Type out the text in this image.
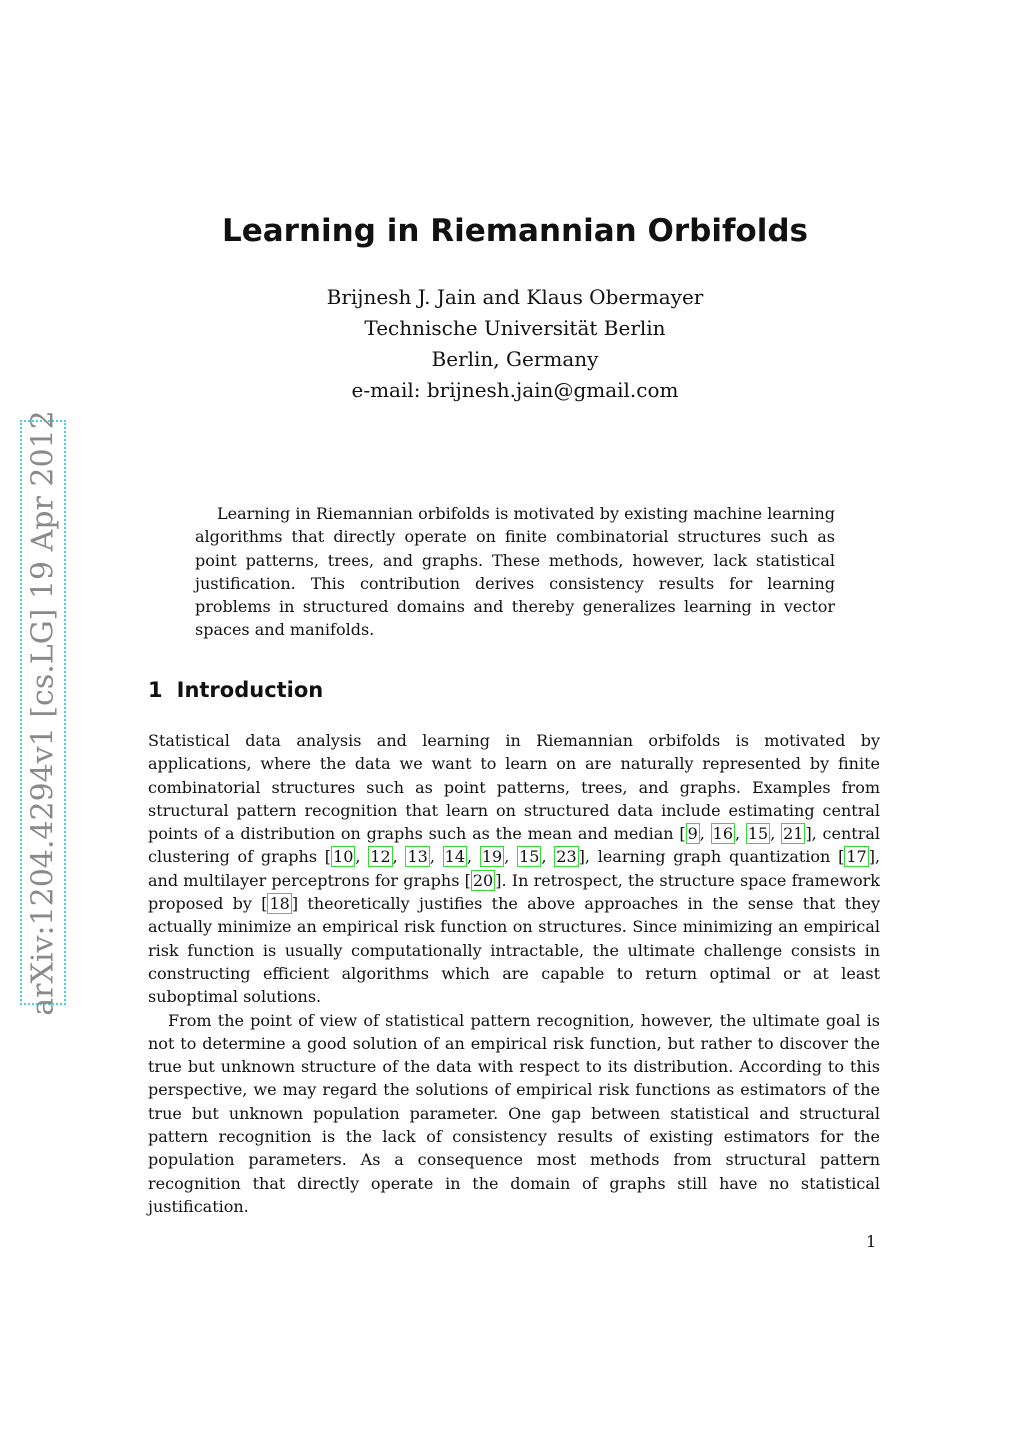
arXiv:1204.4294v1 [cs.LG] 19 Apr 2012
Learning in Riemannian Orbifolds
Brijnesh J. Jain and Klaus Obermayer
Technische Universität Berlin
Berlin, Germany
e-mail: brijnesh.jain@gmail.com

Learning in Riemannian orbifolds is motivated by existing machine learning algorithms that directly operate on finite combinatorial structures such as point patterns, trees, and graphs. These methods, however, lack statistical justification. This contribution derives consistency results for learning problems in structured domains and thereby generalizes learning in vector spaces and manifolds.

1 Introduction

Statistical data analysis and learning in Riemannian orbifolds is motivated by applications, where the data we want to learn on are naturally represented by finite combinatorial structures such as point patterns, trees, and graphs. Examples from structural pattern recognition that learn on structured data include estimating central points of a distribution on graphs such as the mean and median [ 9 , 16 , 15 , 21 ], central clustering of graphs [ 10 , 12 , 13 , 14 , 19 , 15 , 23 ], learning graph quantization [ 17 ], and multilayer perceptrons for graphs [ 20 ]. In retrospect, the structure space framework proposed by [ 18 ] theoretically justifies the above approaches in the sense that they actually minimize an empirical risk function on structures. Since minimizing an empirical risk function is usually computationally intractable, the ultimate challenge consists in constructing efficient algorithms which are capable to return optimal or at least suboptimal solutions.

From the point of view of statistical pattern recognition, however, the ultimate goal is not to determine a good solution of an empirical risk function, but rather to discover the true but unknown structure of the data with respect to its distribution. According to this perspective, we may regard the solutions of empirical risk functions as estimators of the true but unknown population parameter. One gap between statistical and structural pattern recognition is the lack of consistency results of existing estimators for the population parameters. As a consequence most methods from structural pattern recognition that directly operate in the domain of graphs still have no statistical justification.

1
